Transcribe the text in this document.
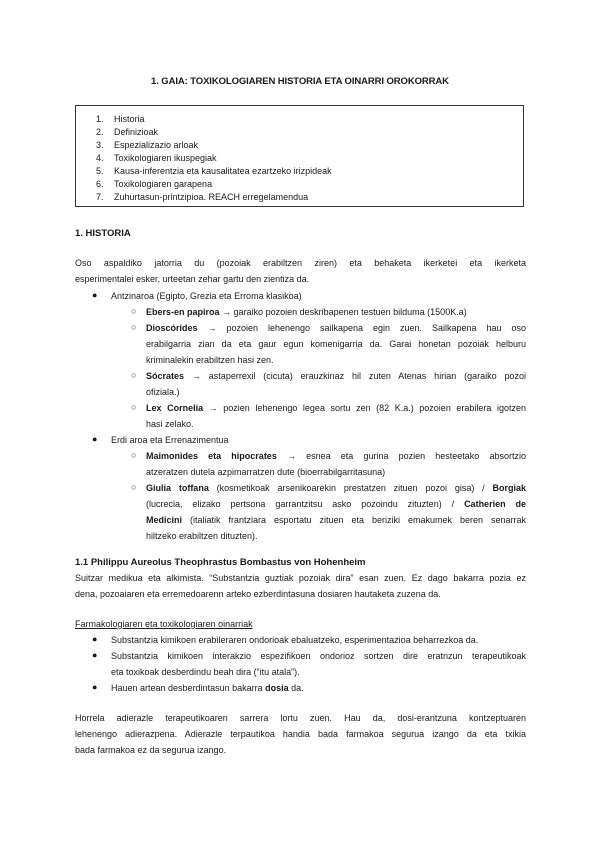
1. GAIA: TOXIKOLOGIAREN HISTORIA ETA OINARRI OROKORRAK
1. Historia
2. Definizioak
3. Espezializazio arloak
4. Toxikologiaren ikuspegiak
5. Kausa-inferentzia eta kausalitatea ezartzeko irizpideak
6. Toxikologiaren garapena
7. Zuhurtasun-printzipioa. REACH erregelamendua
1. HISTORIA
Oso aspaldiko jatorria du (pozoiak erabiltzen ziren) eta behaketa ikerketei eta ikerketa
esperimentalei esker, urteetan zehar gartu den zientiza da.
● Antzinaroa (Egipto, Grezia eta Erroma klasikoa)
○ Ebers-en papiroa → garaiko pozoien deskribapenen testuen bilduma (1500K.a)
○ Dioscórides → pozoien lehenengo sailkapena egin zuen. Sailkapena hau oso
erabilgarria zian da eta gaur egun komenigarria da. Garai honetan pozoiak helburu
kriminalekin erabiltzen hasi zen.
○ Sócrates → astaperrexil (cicuta) erauzkinaz hil zuten Atenas hirian (garaiko pozoi
ofiziala.)
○ Lex Cornelia → pozien lehenengo legea sortu zen (82 K.a.) pozoien erabilera igotzen
hasi zelako.
● Erdi aroa eta Errenazimentua
○ Maimonides eta hipocrates → esnea eta gurina pozien hesteetako absortzio
atzeratzen dutela azpimarratzen dute (bioerrabilgarritasuna)
○ Giulia toffana (kosmetikoak arsenikoarekin prestatzen zituen pozoi gisa) / Borgiak
(lucrecia, elizako pertsona garrantzitsu asko pozoindu zituzten) / Catherien de
Medicini (italiatik frantziara esportatu zituen eta beriziki emakumek beren senarrak
hiltzeko erabiltzen dituzten).
1.1 Philippu Aureolus Theophrastus Bombastus von Hohenheim
Suitzar medikua eta alkimista. “Substantzia guztiak pozoiak dira” esan zuen. Ez dago bakarra pozia ez
dena, pozoaiaren eta erremedoarenn arteko ezberdintasuna dosiaren hautaketa zuzena da.
Farmakologiaren eta toxikologiaren oinarriak
● Substantzia kimikoen erabileraren ondorioak ebaluatzeko, esperimentazioa beharrezkoa da.
● Substantzia kimikoen interakzio espezifikoen ondorioz sortzen dire eratnzun terapeutikoak
eta toxikoak desberdindu beah dira (“itu atala”).
● Hauen artean desberdintasun bakarra dosia da.
Horrela adierazle terapeutikoaren sarrera lortu zuen. Hau da, dosi-erantzuna kontzeptuaren
lehenengo adierazpena. Adierazle terpautikoa handia bada farmakoa segurua izango da eta txikia
bada farmakoa ez da segurua izango.
